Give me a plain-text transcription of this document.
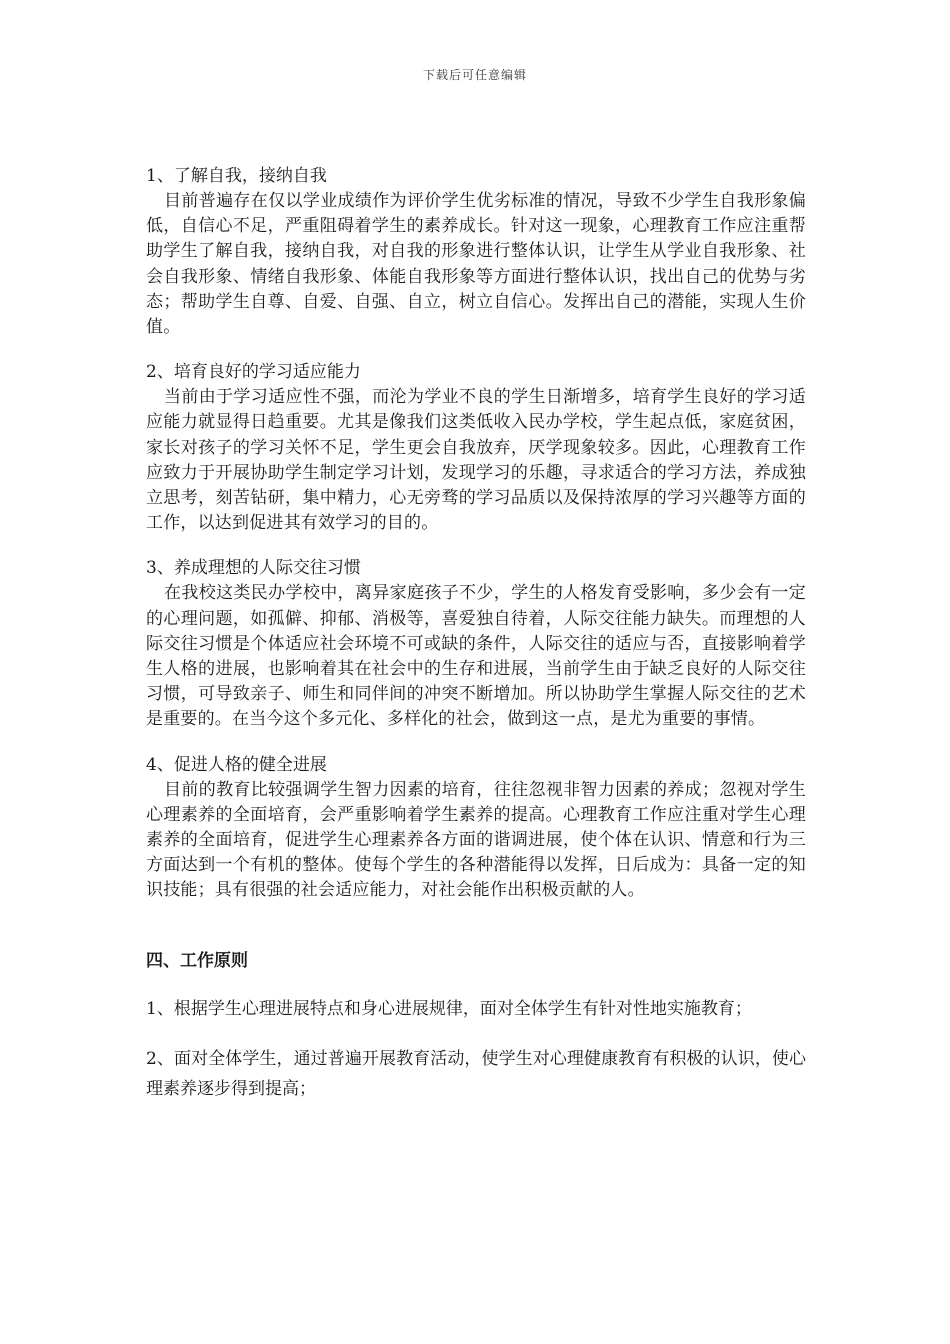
下载后可任意编辑

1、了解自我，接纳自我

目前普遍存在仅以学业成绩作为评价学生优劣标准的情况，导致不少学生自我形象偏低，自信心不足，严重阻碍着学生的素养成长。针对这一现象，心理教育工作应注重帮助学生了解自我，接纳自我，对自我的形象进行整体认识，让学生从学业自我形象、社会自我形象、情绪自我形象、体能自我形象等方面进行整体认识，找出自己的优势与劣态；帮助学生自尊、自爱、自强、自立，树立自信心。发挥出自己的潜能，实现人生价值。

2、培育良好的学习适应能力

当前由于学习适应性不强，而沦为学业不良的学生日渐增多，培育学生良好的学习适应能力就显得日趋重要。尤其是像我们这类低收入民办学校，学生起点低，家庭贫困，家长对孩子的学习关怀不足，学生更会自我放弃，厌学现象较多。因此，心理教育工作应致力于开展协助学生制定学习计划，发现学习的乐趣，寻求适合的学习方法，养成独立思考，刻苦钻研，集中精力，心无旁骛的学习品质以及保持浓厚的学习兴趣等方面的工作，以达到促进其有效学习的目的。

3、养成理想的人际交往习惯

在我校这类民办学校中，离异家庭孩子不少，学生的人格发育受影响，多少会有一定的心理问题，如孤僻、抑郁、消极等，喜爱独自待着，人际交往能力缺失。而理想的人际交往习惯是个体适应社会环境不可或缺的条件，人际交往的适应与否，直接影响着学生人格的进展，也影响着其在社会中的生存和进展，当前学生由于缺乏良好的人际交往习惯，可导致亲子、师生和同伴间的冲突不断增加。所以协助学生掌握人际交往的艺术是重要的。在当今这个多元化、多样化的社会，做到这一点，是尤为重要的事情。

4、促进人格的健全进展

目前的教育比较强调学生智力因素的培育，往往忽视非智力因素的养成；忽视对学生心理素养的全面培育，会严重影响着学生素养的提高。心理教育工作应注重对学生心理素养的全面培育，促进学生心理素养各方面的谐调进展，使个体在认识、情意和行为三方面达到一个有机的整体。使每个学生的各种潜能得以发挥，日后成为：具备一定的知识技能；具有很强的社会适应能力，对社会能作出积极贡献的人。

四、工作原则

1、根据学生心理进展特点和身心进展规律，面对全体学生有针对性地实施教育；

2、面对全体学生，通过普遍开展教育活动，使学生对心理健康教育有积极的认识，使心理素养逐步得到提高；
